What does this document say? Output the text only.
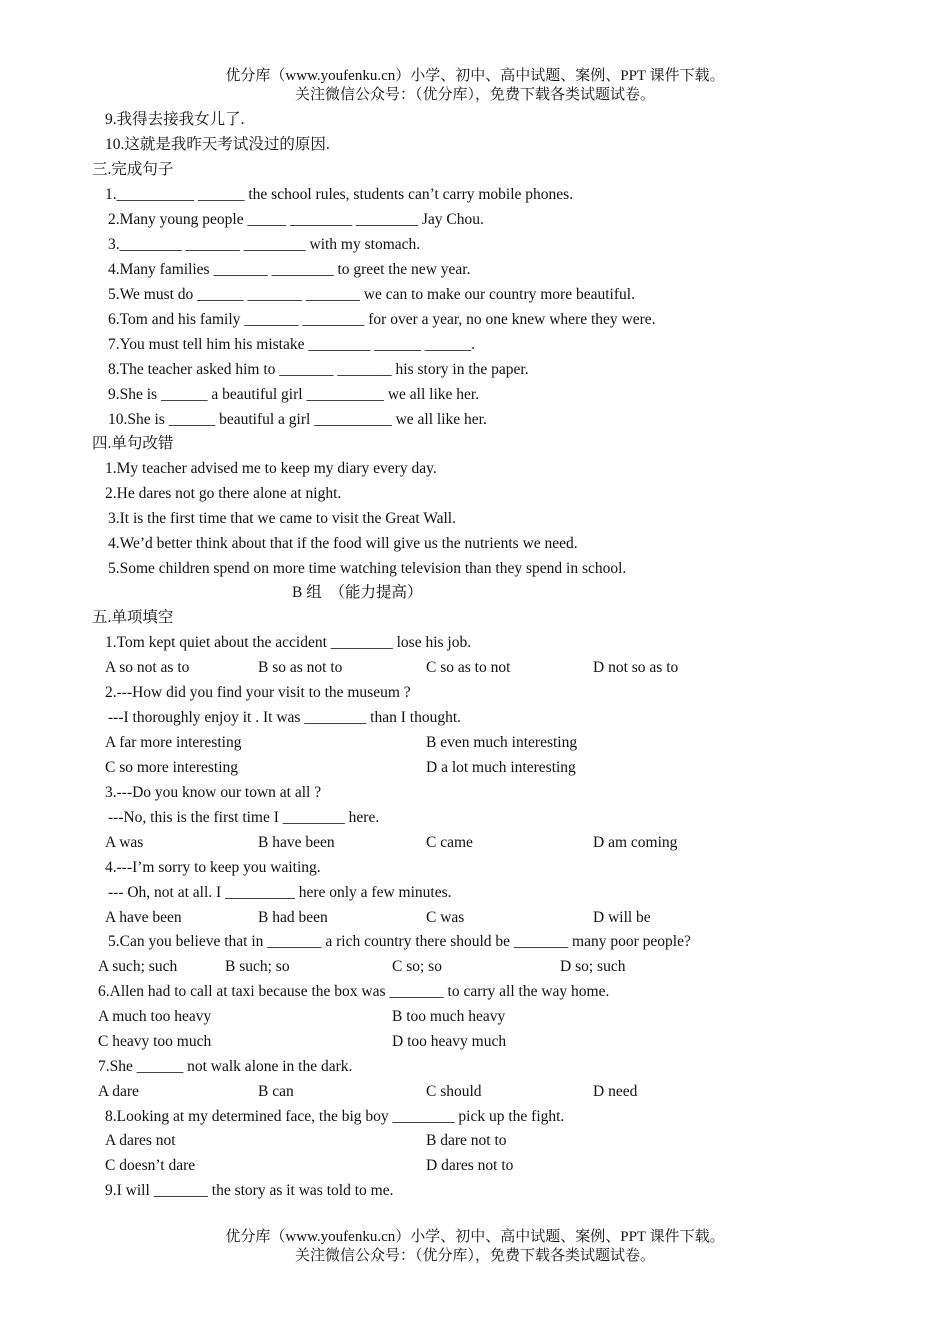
优分库（www.youfenku.cn）小学、初中、高中试题、案例、PPT 课件下载。
关注微信公众号：（优分库），免费下载各类试题试卷。
9.我得去接我女儿了.
10.这就是我昨天考试没过的原因.
三.完成句子
1.__________ ______ the school rules, students can’t carry mobile phones.
2.Many young people _____ ________ ________ Jay Chou.
3.________ _______ ________ with my stomach.
4.Many families _______ ________ to greet the new year.
5.We must do ______ _______ _______ we can to make our country more beautiful.
6.Tom and his family _______ ________ for over a year, no one knew where they were.
7.You must tell him his mistake ________ ______ ______.
8.The teacher asked him to _______ _______ his story in the paper.
9.She is ______ a beautiful girl __________ we all like her.
10.She is ______ beautiful a girl __________ we all like her.
四.单句改错
1.My teacher advised me to keep my diary every day.
2.He dares not go there alone at night.
3.It is the first time that we came to visit the Great Wall.
4.We’d better think about that if the food will give us the nutrients we need.
5.Some children spend on more time watching television than they spend in school.
B 组  （能力提高）
五.单项填空
1.Tom kept quiet about the accident ________ lose his job.
A so not as to	B so as not to	C so as to not	D not so as to
2.---How did you find your visit to the museum ?
---I thoroughly enjoy it . It was ________ than I thought.
A far more interesting	B even much interesting
C so more interesting	D a lot much interesting
3.---Do you know our town at all ?
---No, this is the first time I ________ here.
A was	B have been	C came	D am coming
4.---I’m sorry to keep you waiting.
--- Oh, not at all. I _________ here only a few minutes.
A have been	B had been	C was	D will be
5.Can you believe that in _______ a rich country there should be _______ many poor people?
A such; such	B such; so	C so; so	D so; such
6.Allen had to call at taxi because the box was _______ to carry all the way home.
A much too heavy	B too much heavy
C heavy too much	D too heavy much
7.She ______ not walk alone in the dark.
A dare	B can	C should	D need
8.Looking at my determined face, the big boy ________ pick up the fight.
A dares not	B dare not to
C doesn’t dare	D dares not to
9.I will _______ the story as it was told to me.
优分库（www.youfenku.cn）小学、初中、高中试题、案例、PPT 课件下载。
关注微信公众号：（优分库），免费下载各类试题试卷。
